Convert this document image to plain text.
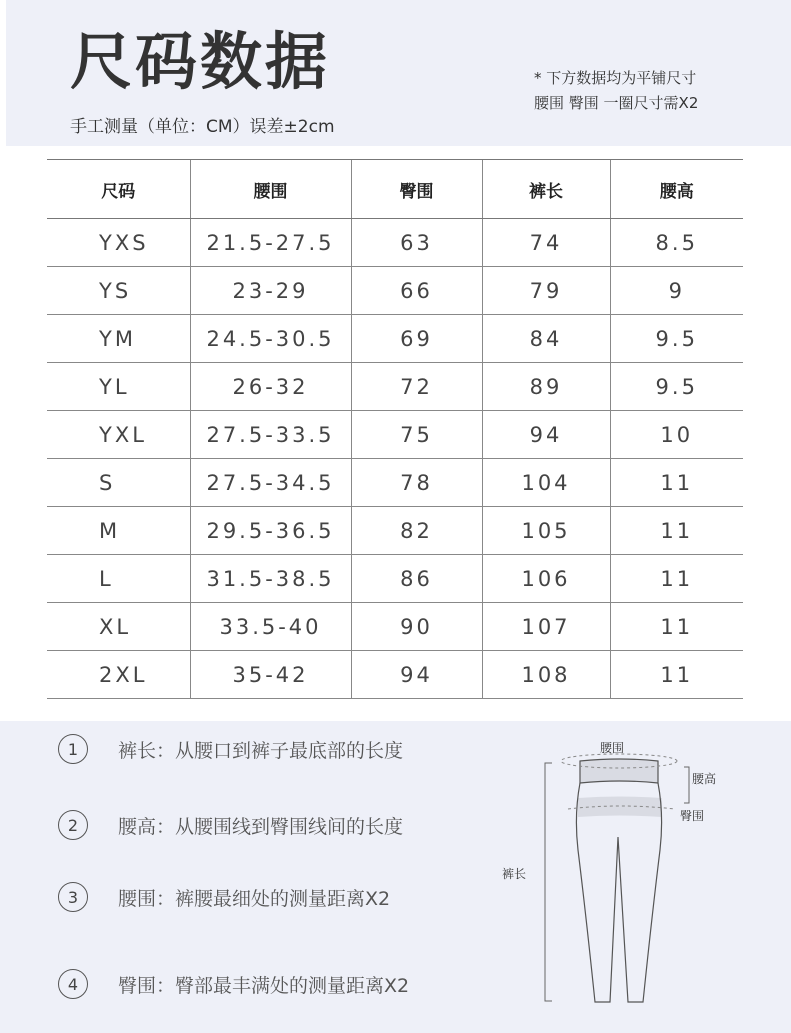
尺码数据
手工测量（单位：CM）误差±2cm
* 下方数据均为平铺尺寸
腰围 臀围 一圈尺寸需X2
尺码	腰围	臀围	裤长	腰高
YXS	21.5-27.5	63	74	8.5
YS	23-29	66	79	9
YM	24.5-30.5	69	84	9.5
YL	26-32	72	89	9.5
YXL	27.5-33.5	75	94	10
S	27.5-34.5	78	104	11
M	29.5-36.5	82	105	11
L	31.5-38.5	86	106	11
XL	33.5-40	90	107	11
2XL	35-42	94	108	11
1	裤长：从腰口到裤子最底部的长度
2	腰高：从腰围线到臀围线间的长度
3	腰围：裤腰最细处的测量距离X2
4	臀围：臀部最丰满处的测量距离X2
腰围
腰高
臀围
裤长
